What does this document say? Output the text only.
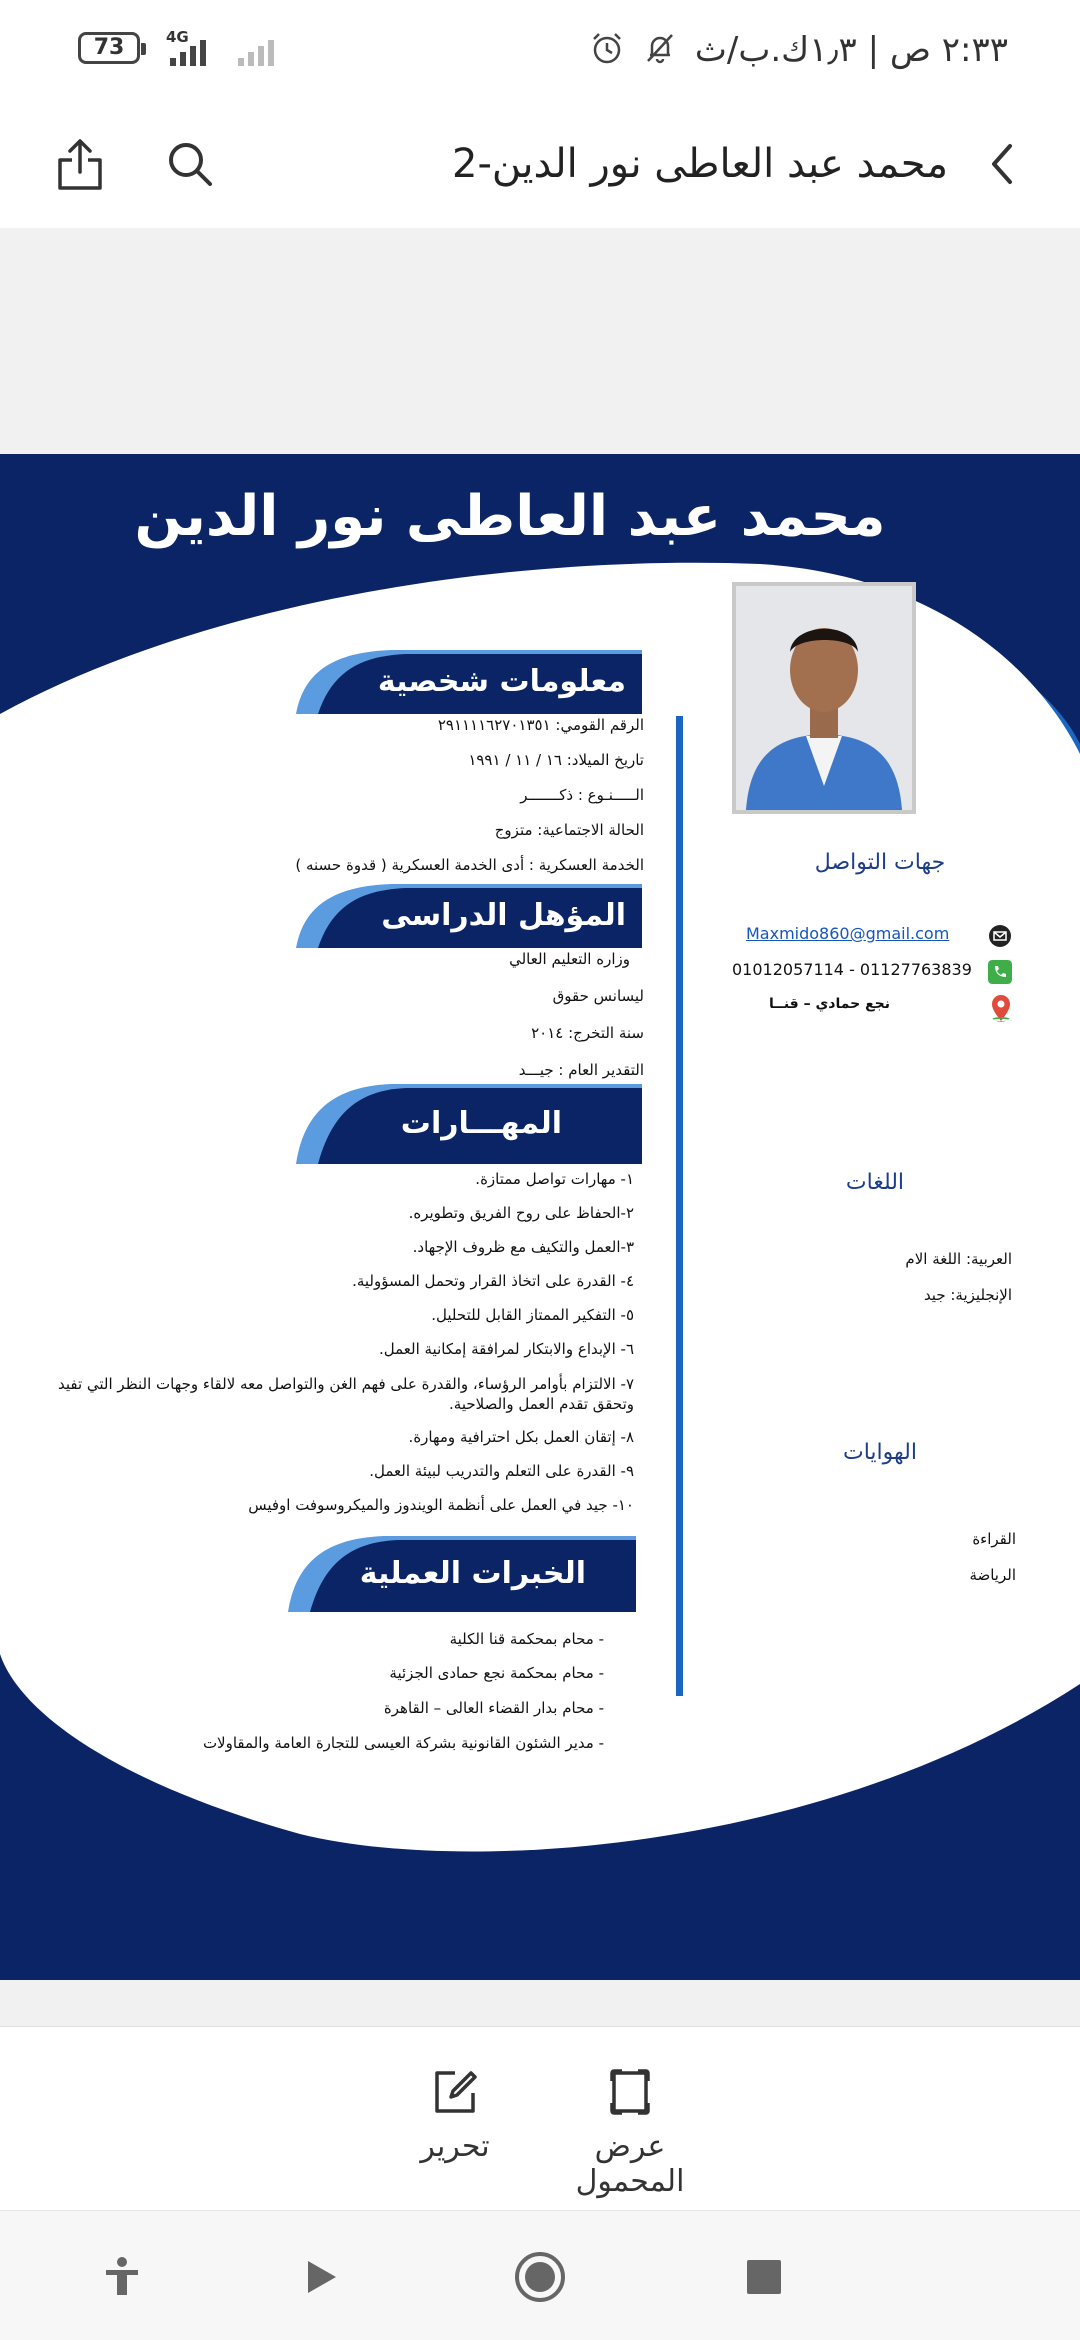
73	4G	٢:٣٣ ص | ١٫٣ك.ب/ث
محمد عبد العاطى نور الدين-2
محمد عبد العاطى نور الدين
معلومات شخصية
الرقم القومي: ٢٩١١١١٦٢٧٠١٣٥١
تاريخ الميلاد: ١٦ / ١١ / ١٩٩١
الـــــنـوع : ذكـــــــر
الحالة الاجتماعية: متزوج
الخدمة العسكرية : أدى الخدمة العسكرية ( قدوة حسنه )
المؤهل الدراسى
وزاره التعليم العالي
ليسانس حقوق
سنة التخرج: ٢٠١٤
التقدير العام : جيـــد
المهـــارات
١- مهارات تواصل ممتازة.
٢-الحفاظ على روح الفريق وتطويره.
٣-العمل والتكيف مع ظروف الإجهاد.
٤- القدرة على اتخاذ القرار وتحمل المسؤولية.
٥- التفكير الممتاز القابل للتحليل.
٦- الإبداع والابتكار لمرافقة إمكانية العمل.
٧- الالتزام بأوامر الرؤساء، والقدرة على فهم الغن والتواصل معه لالقاء وجهات النظر التي تفيد وتحقق تقدم العمل والصلاحية.
٨- إتقان العمل بكل احترافية ومهارة.
٩- القدرة على التعلم والتدريب لبيئة العمل.
١٠- جيد في العمل على أنظمة الويندوز والميكروسوفت اوفيس
الخبرات العملية
- محام بمحكمة قنا الكلية
- محام بمحكمة نجع حمادى الجزئية
- محام بدار القضاء العالى – القاهرة
- مدير الشئون القانونية بشركة العيسى للتجارة العامة والمقاولات
جهات التواصل
Maxmido860@gmail.com
01012057114 - 01127763839
نجع حمادي – قنــا
اللغات
العربية: اللغة الام
الإنجليزية: جيد
الهوايات
القراءة
الرياضة
عرض المحمول
تحرير
